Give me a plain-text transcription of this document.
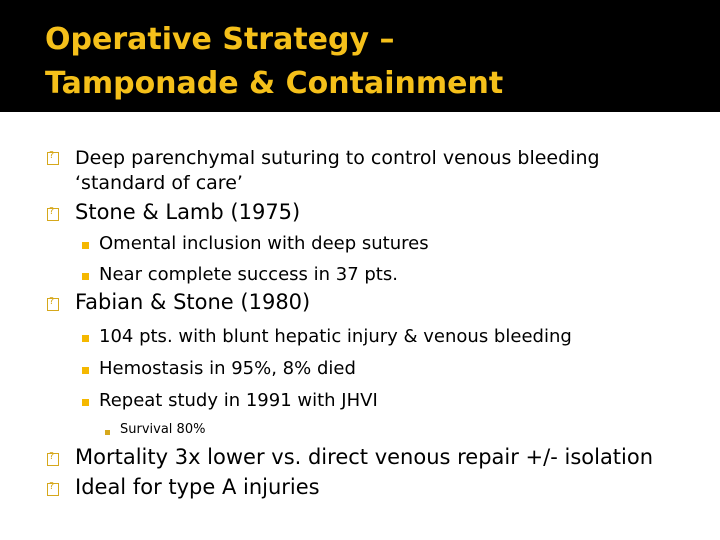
Operative Strategy –
Tamponade & Containment
?
Deep parenchymal suturing to control venous bleeding
‘standard of care’
?
Stone & Lamb (1975)
Omental inclusion with deep sutures
Near complete success in 37 pts.
?
Fabian & Stone (1980)
104 pts. with blunt hepatic injury & venous bleeding
Hemostasis in 95%, 8% died
Repeat study in 1991 with JHVI
Survival 80%
?
Mortality 3x lower vs. direct venous repair +/- isolation
?
Ideal for type A injuries
